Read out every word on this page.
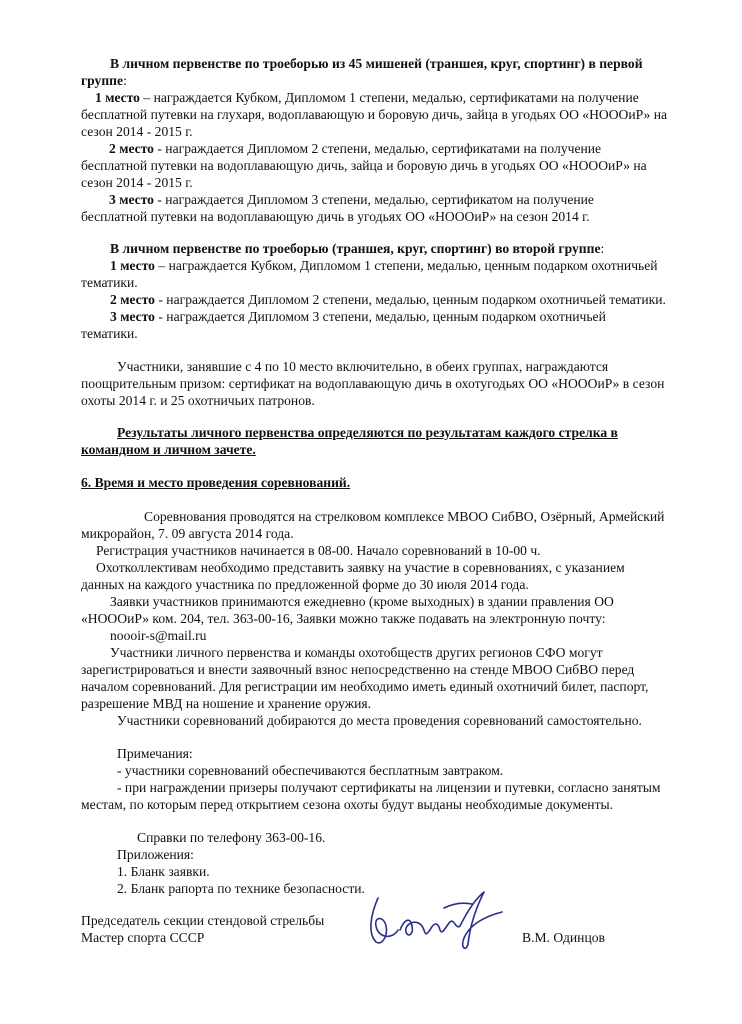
В личном первенстве по троеборью из 45 мишеней (траншея, круг, спортинг) в первой
группе:
1 место – награждается Кубком, Дипломом 1 степени, медалью, сертификатами на получение
бесплатной путевки на глухаря, водоплавающую и боровую дичь, зайца в угодьях ОО «НОООиР» на
сезон 2014 - 2015 г.
2 место - награждается Дипломом 2 степени, медалью, сертификатами на получение
бесплатной путевки на водоплавающую дичь, зайца и боровую дичь в угодьях ОО «НОООиР» на
сезон 2014 - 2015 г.
3 место - награждается Дипломом 3 степени, медалью, сертификатом на получение
бесплатной путевки на водоплавающую дичь в угодьях ОО «НОООиР» на сезон 2014 г.
В личном первенстве по троеборью (траншея, круг, спортинг) во второй группе:
1 место – награждается Кубком, Дипломом 1 степени, медалью, ценным подарком охотничьей
тематики.
2 место - награждается Дипломом 2 степени, медалью, ценным подарком охотничьей тематики.
3 место - награждается Дипломом 3 степени, медалью, ценным подарком охотничьей
тематики.
Участники, занявшие с 4 по 10 место включительно, в обеих группах, награждаются
поощрительным призом: сертификат на водоплавающую дичь в охотугодьях ОО «НОООиР» в сезон
охоты 2014 г. и 25 охотничьих патронов.
Результаты личного первенства определяются по результатам каждого стрелка в
командном и личном зачете.
6. Время и место проведения соревнований.
Соревнования проводятся на стрелковом комплексе МВОО СибВО, Озёрный, Армейский
микрорайон, 7. 09 августа 2014 года.
Регистрация участников начинается в 08-00. Начало соревнований в 10-00 ч.
Охотколлективам необходимо представить заявку на участие в соревнованиях, с указанием
данных на каждого участника по предложенной форме до 30 июля 2014 года.
Заявки участников принимаются ежедневно (кроме выходных) в здании правления ОО
«НОООиР» ком. 204, тел. 363-00-16, Заявки можно также подавать на электронную почту:
noooir-s@mail.ru
Участники личного первенства и команды охотобществ других регионов СФО могут
зарегистрироваться и внести заявочный взнос непосредственно на стенде МВОО СибВО перед
началом соревнований. Для регистрации им необходимо иметь единый охотничий билет, паспорт,
разрешение МВД на ношение и хранение оружия.
Участники соревнований добираются до места проведения соревнований самостоятельно.
Примечания:
- участники соревнований обеспечиваются бесплатным завтраком.
- при награждении призеры получают сертификаты на лицензии и путевки, согласно занятым
местам, по которым перед открытием сезона охоты будут выданы необходимые документы.
Справки по телефону 363-00-16.
Приложения:
1. Бланк заявки.
2. Бланк рапорта по технике безопасности.
Председатель секции стендовой стрельбы
Мастер спорта СССР	В.М. Одинцов
